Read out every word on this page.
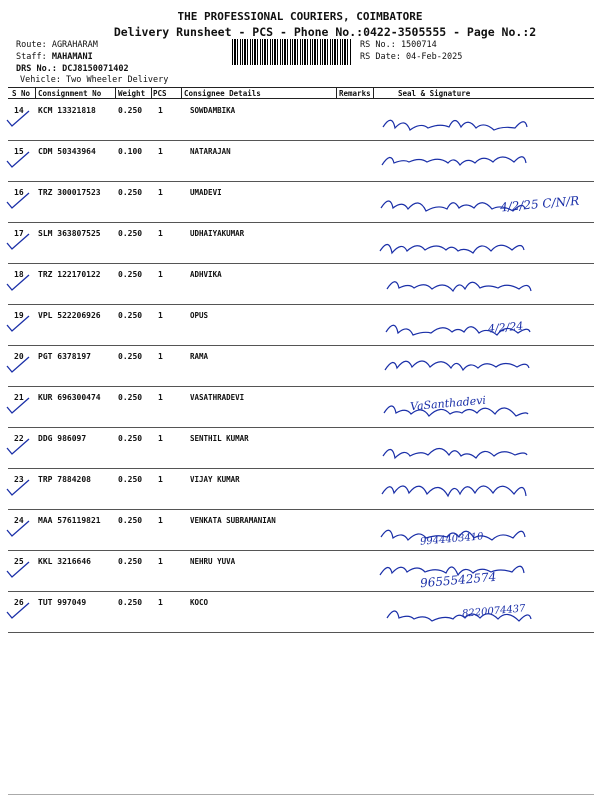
THE PROFESSIONAL COURIERS, COIMBATORE
Delivery Runsheet - PCS - Phone No.:0422-3505555 - Page No.:2
Route: AGRAHARAM
Staff: MAHAMANI
DRS No.: DCJ8150071402
Vehicle: Two Wheeler Delivery
RS No.: 1500714
RS Date: 04-Feb-2025
S No Consignment No Weight PCS Consignee Details	Remarks	Seal & Signature
14 KCM 13321818	0.250 1	SOWDAMBIKA
15 CDM 50343964	0.100 1	NATARAJAN
16 TRZ 300017523 0.250 1	UMADEVI
17 SLM 363807525 0.250 1	UDHAIYAKUMAR
18 TRZ 122170122 0.250 1	ADHVIKA
19 VPL 522206926 0.250 1	OPUS
20 PGT 6378197	0.250 1	RAMA
21 KUR 696300474 0.250 1	VASATHRADEVI
22 DDG 986097	0.250 1	SENTHIL KUMAR
23 TRP 7884208	0.250 1	VIJAY KUMAR
24 MAA 576119821 0.250 1	VENKATA SUBRAMANIAN
25 KKL 3216646	0.250 1	NEHRU YUVA
26 TUT 997049	0.250 1	KOCO
4/2/25 C/N/R
4/2/24
VaSanthadevi
9944403410
9655542574
8220074437
